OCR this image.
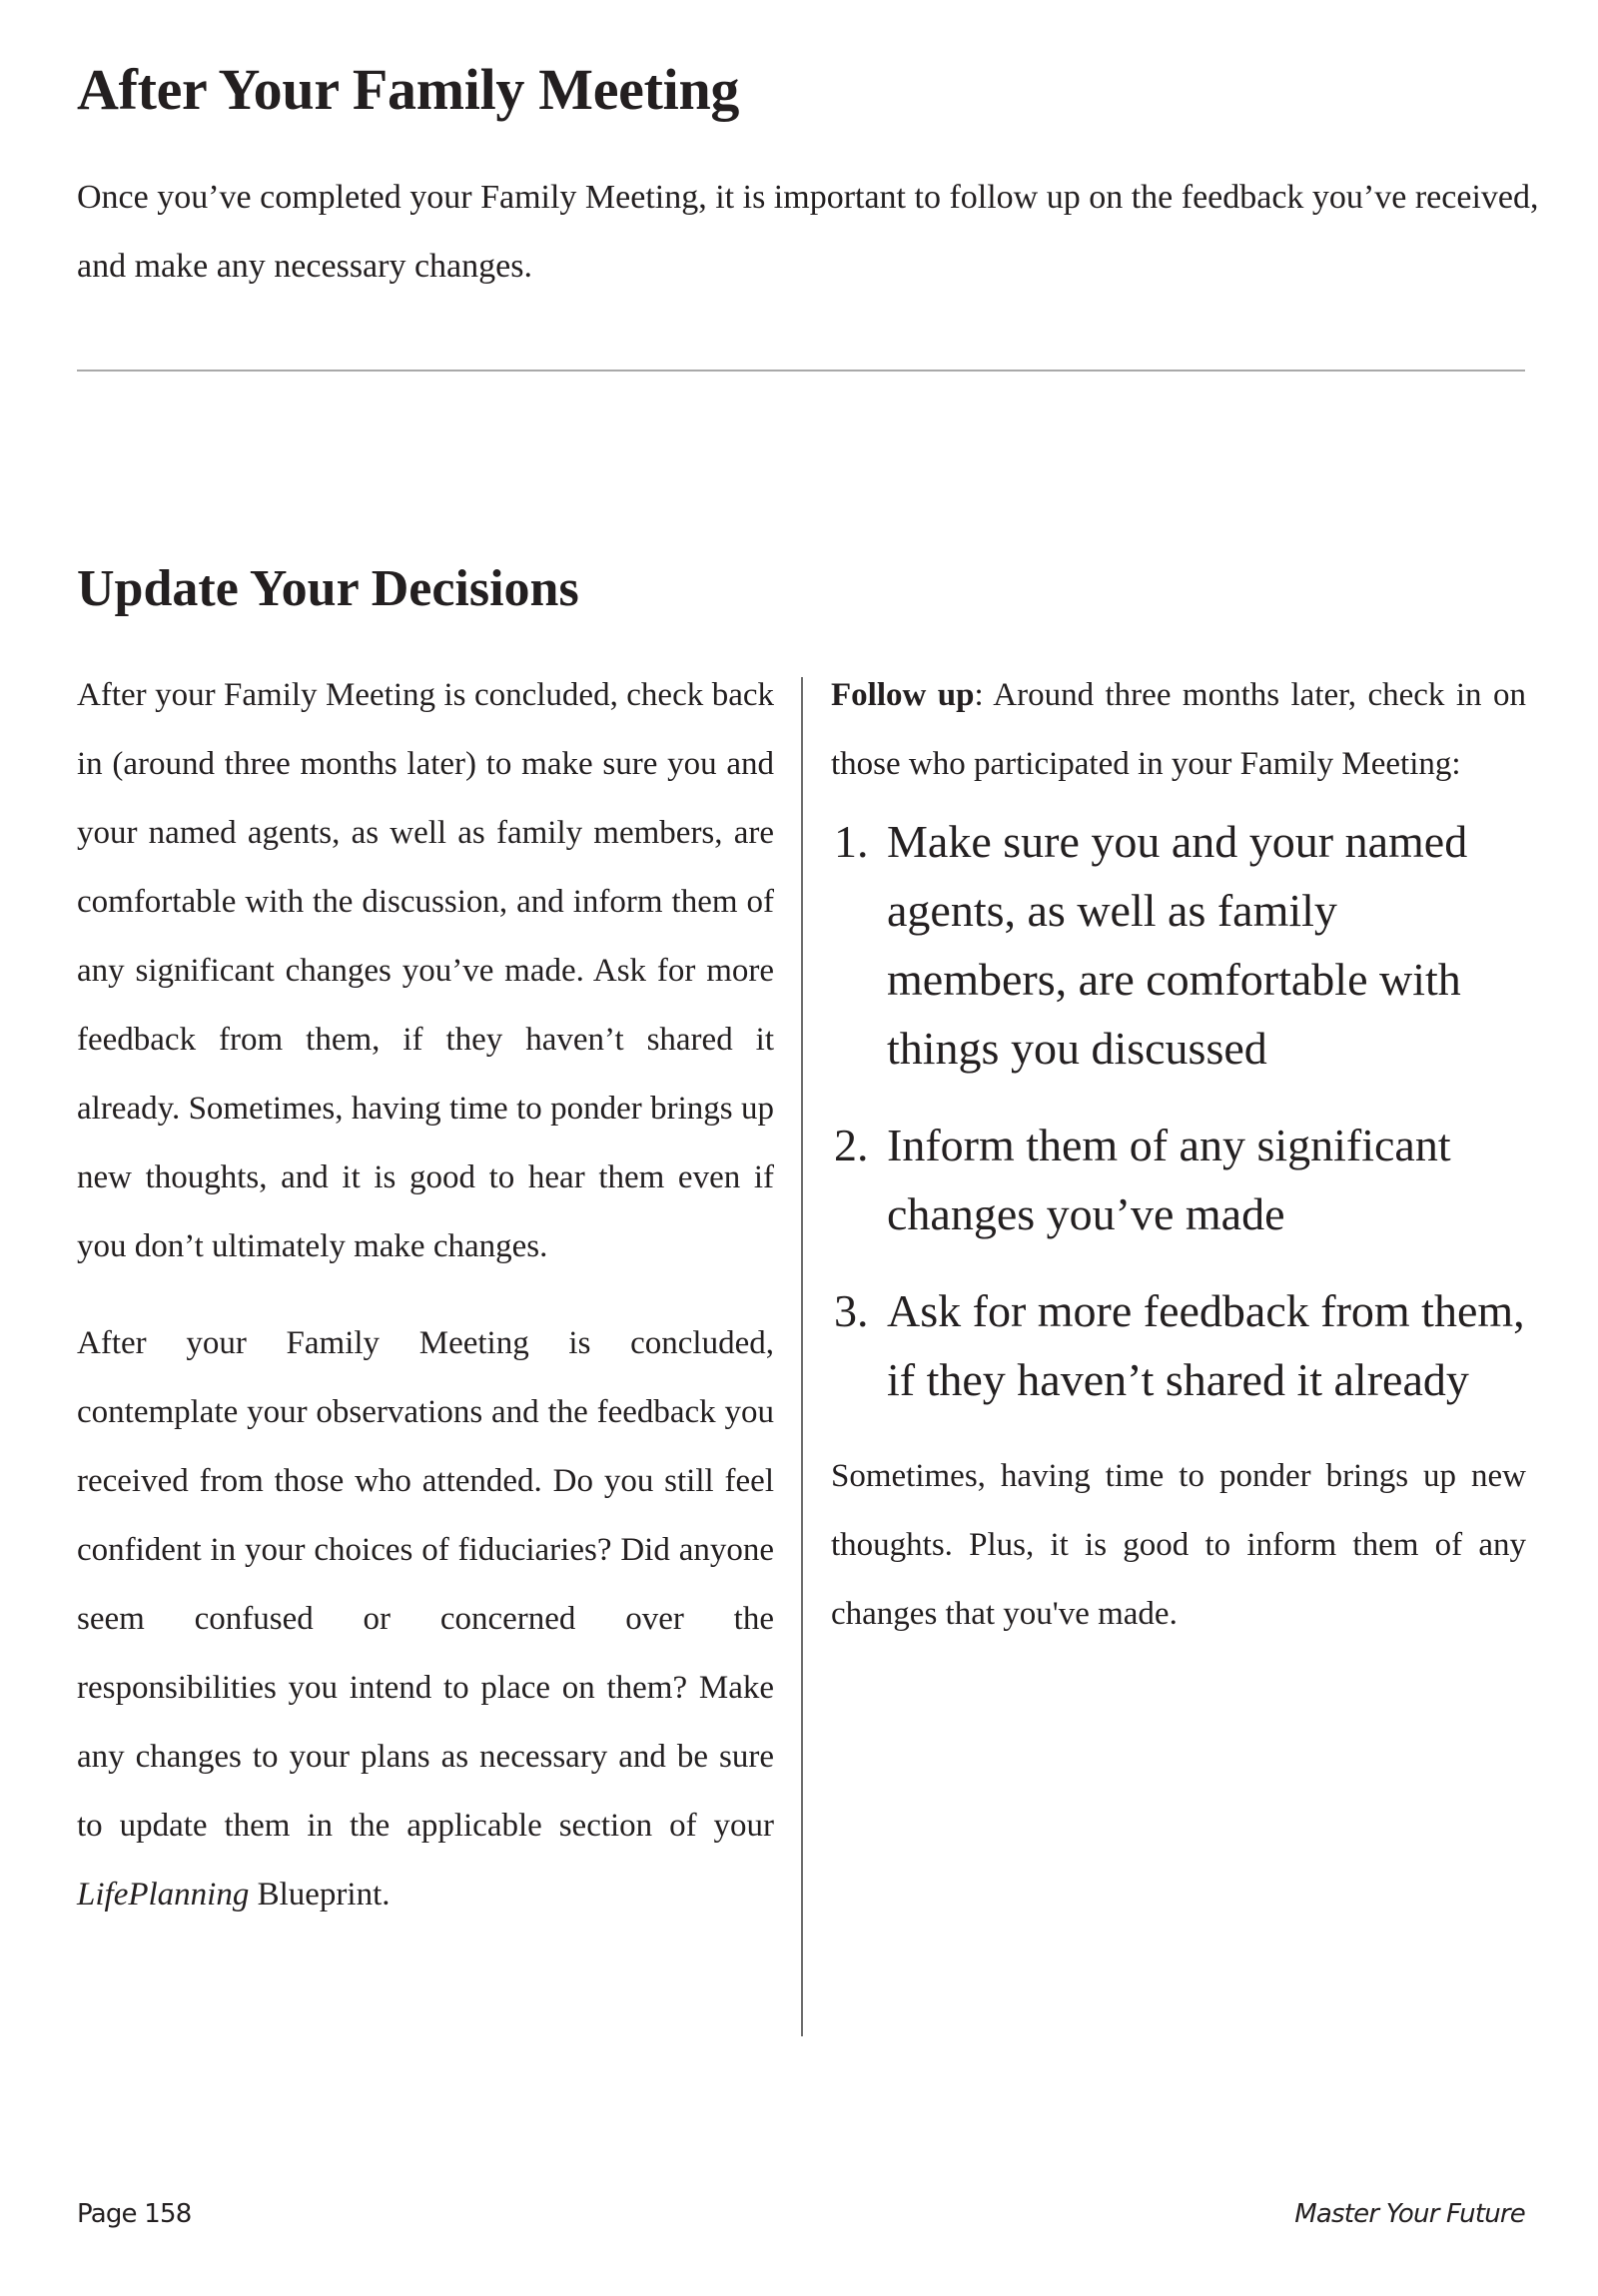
After Your Family Meeting

Once you’ve completed your Family Meeting, it is important to follow up on the feedback you’ve received, and make any necessary changes.

Update Your Decisions

After your Family Meeting is concluded, check back in (around three months later) to make sure you and your named agents, as well as family members, are comfortable with the discussion, and inform them of any significant changes you’ve made. Ask for more feedback from them, if they haven’t shared it already. Sometimes, having time to ponder brings up new thoughts, and it is good to hear them even if you don’t ultimately make changes.

After your Family Meeting is concluded, contemplate your observations and the feedback you received from those who attended. Do you still feel confident in your choices of fiduciaries? Did anyone seem confused or concerned over the responsibilities you intend to place on them? Make any changes to your plans as necessary and be sure to update them in the applicable section of your LifePlanning Blueprint.

Follow up: Around three months later, check in on those who participated in your Family Meeting:

1. Make sure you and your named agents, as well as family members, are comfortable with things you discussed
2. Inform them of any significant changes you’ve made
3. Ask for more feedback from them, if they haven’t shared it already

Sometimes, having time to ponder brings up new thoughts. Plus, it is good to inform them of any changes that you've made.

Page 158	Master Your Future
